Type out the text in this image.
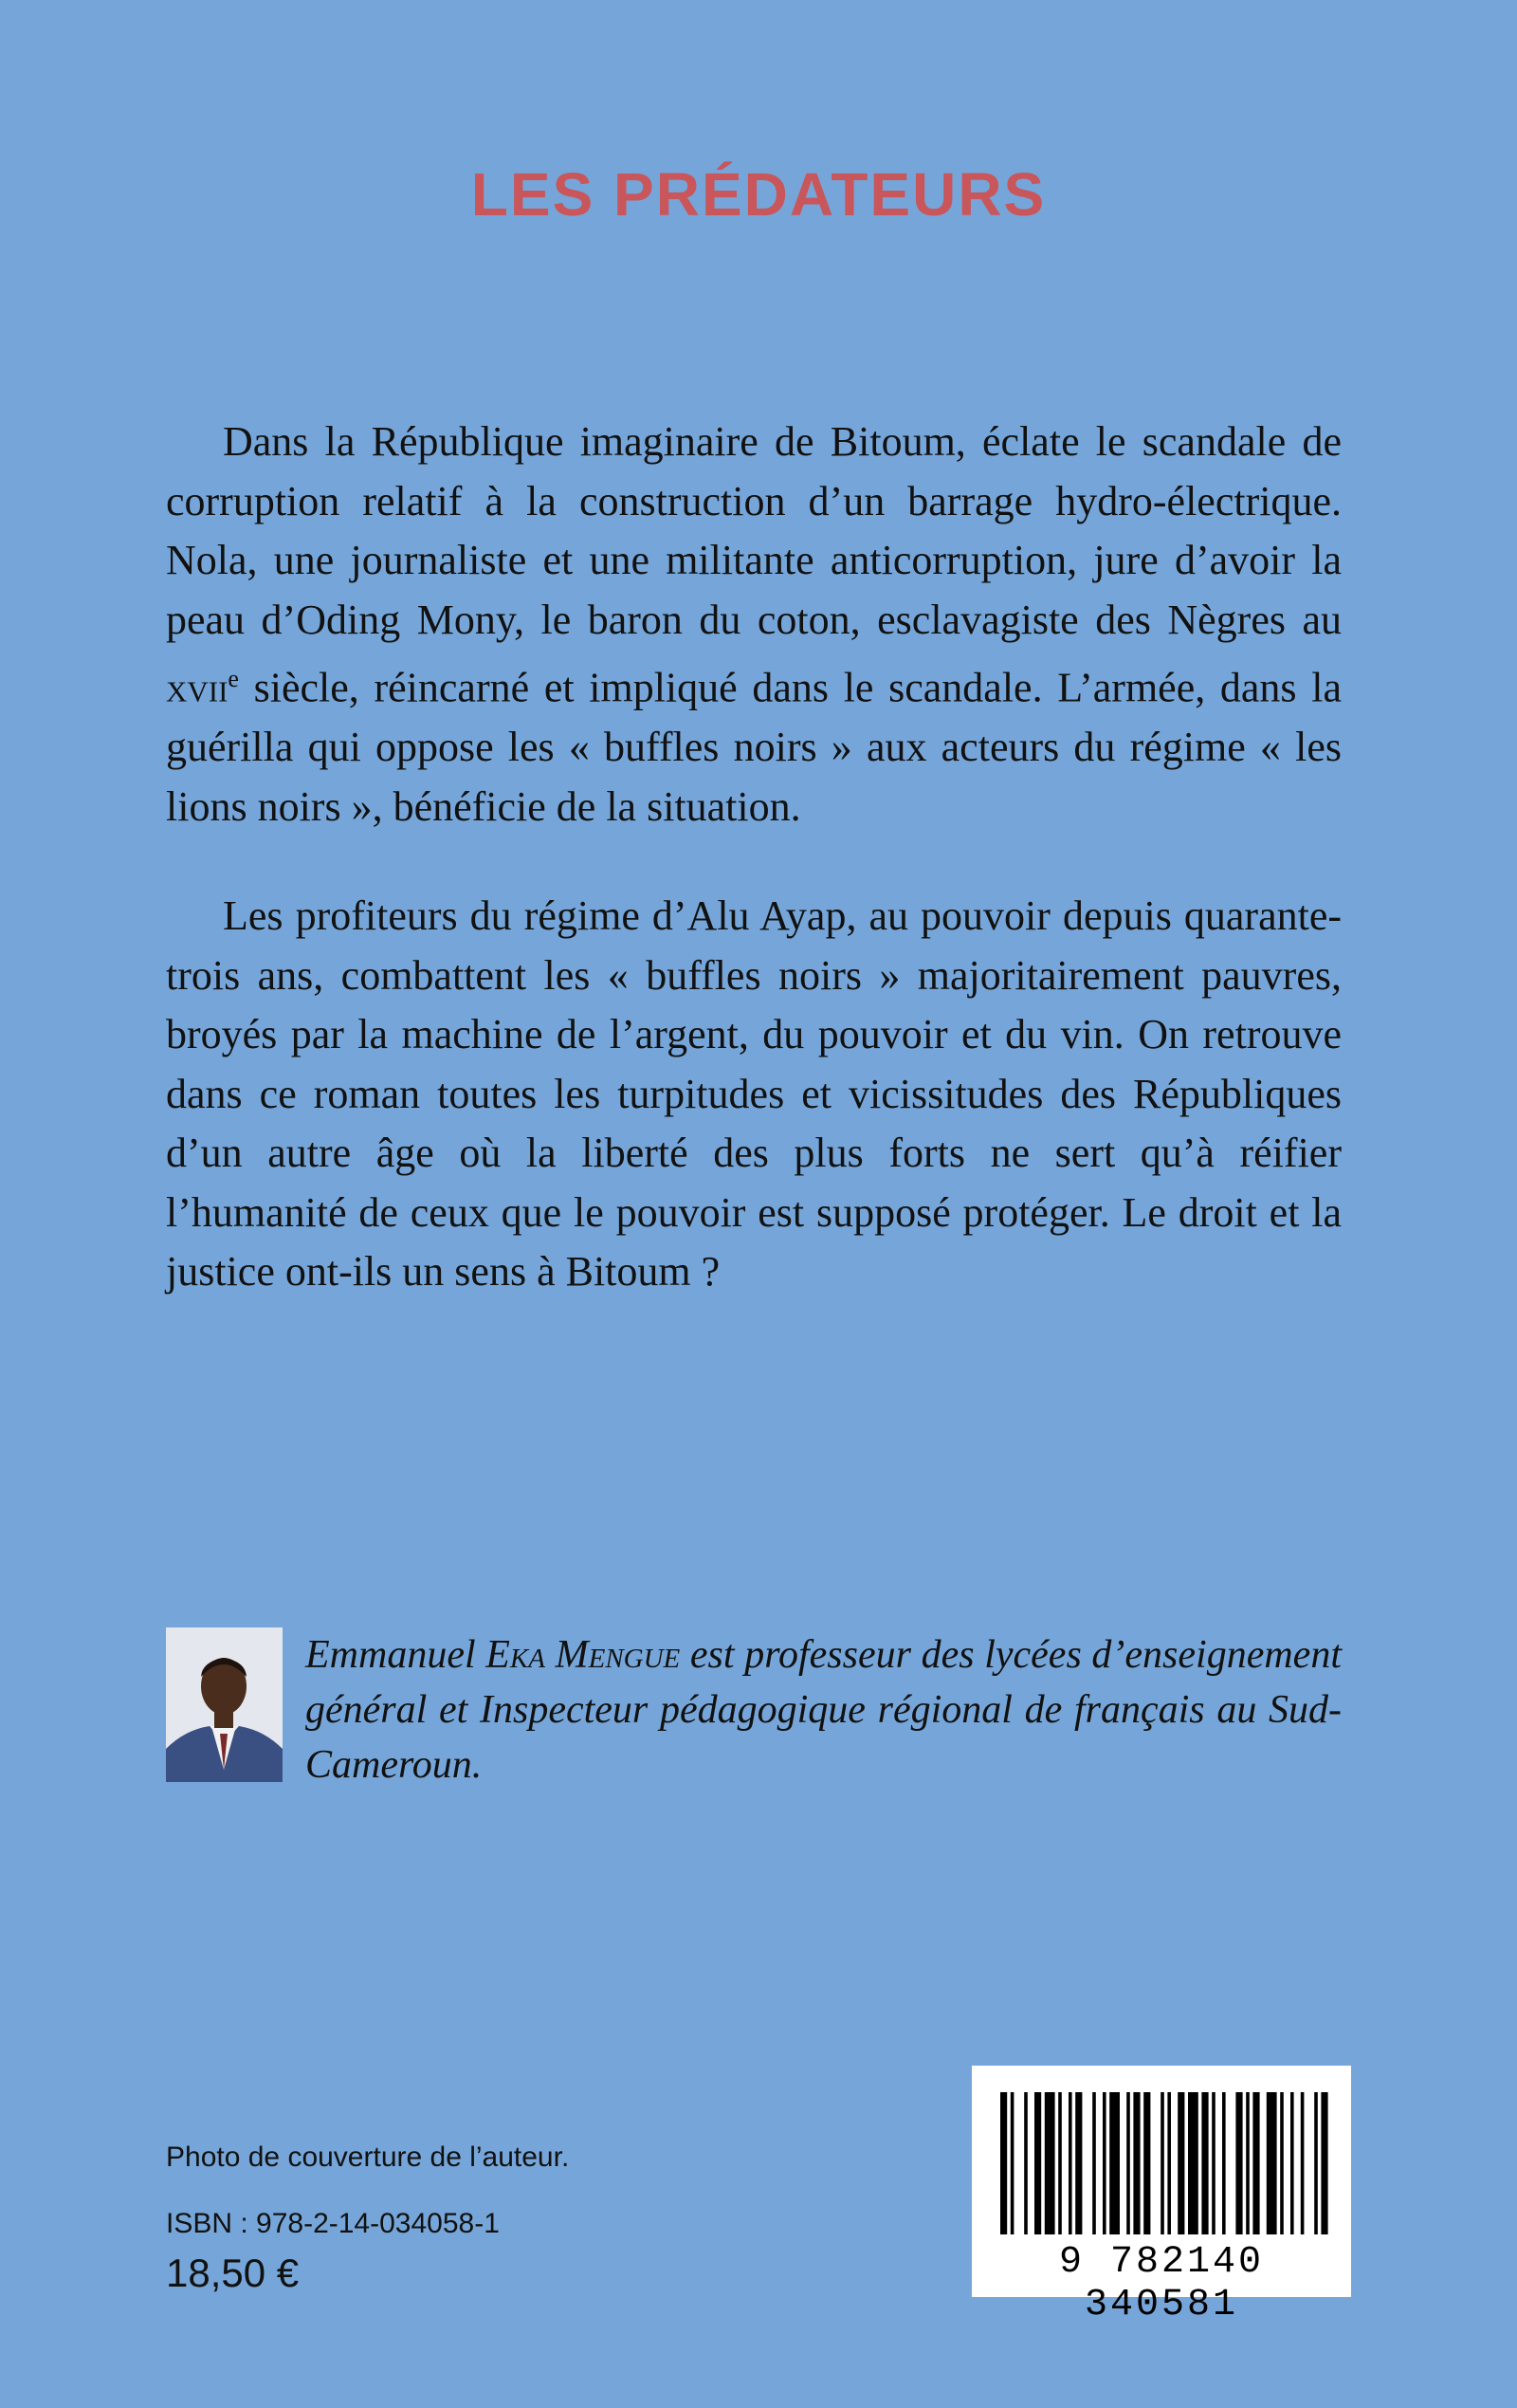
LES PRÉDATEURS

Dans la République imaginaire de Bitoum, éclate le scandale de corruption relatif à la construction d’un barrage hydro-électrique. Nola, une journaliste et une militante anticorruption, jure d’avoir la peau d’Oding Mony, le baron du coton, esclavagiste des Nègres au xvii$^e$ siècle, réincarné et impliqué dans le scandale. L’armée, dans la guérilla qui oppose les « buffles noirs » aux acteurs du régime « les lions noirs », bénéficie de la situation.

Les profiteurs du régime d’Alu Ayap, au pouvoir depuis quarante-trois ans, combattent les « buffles noirs » majoritairement pauvres, broyés par la machine de l’argent, du pouvoir et du vin. On retrouve dans ce roman toutes les turpitudes et vicissitudes des Républiques d’un autre âge où la liberté des plus forts ne sert qu’à réifier l’humanité de ceux que le pouvoir est supposé protéger. Le droit et la justice ont-ils un sens à Bitoum ?

Emmanuel Eka Mengue est professeur des lycées d’enseignement général et Inspecteur pédagogique régional de français au Sud-Cameroun.

Photo de couverture de l’auteur.
ISBN : 978-2-14-034058-1
18,50 €	9 782140 340581
